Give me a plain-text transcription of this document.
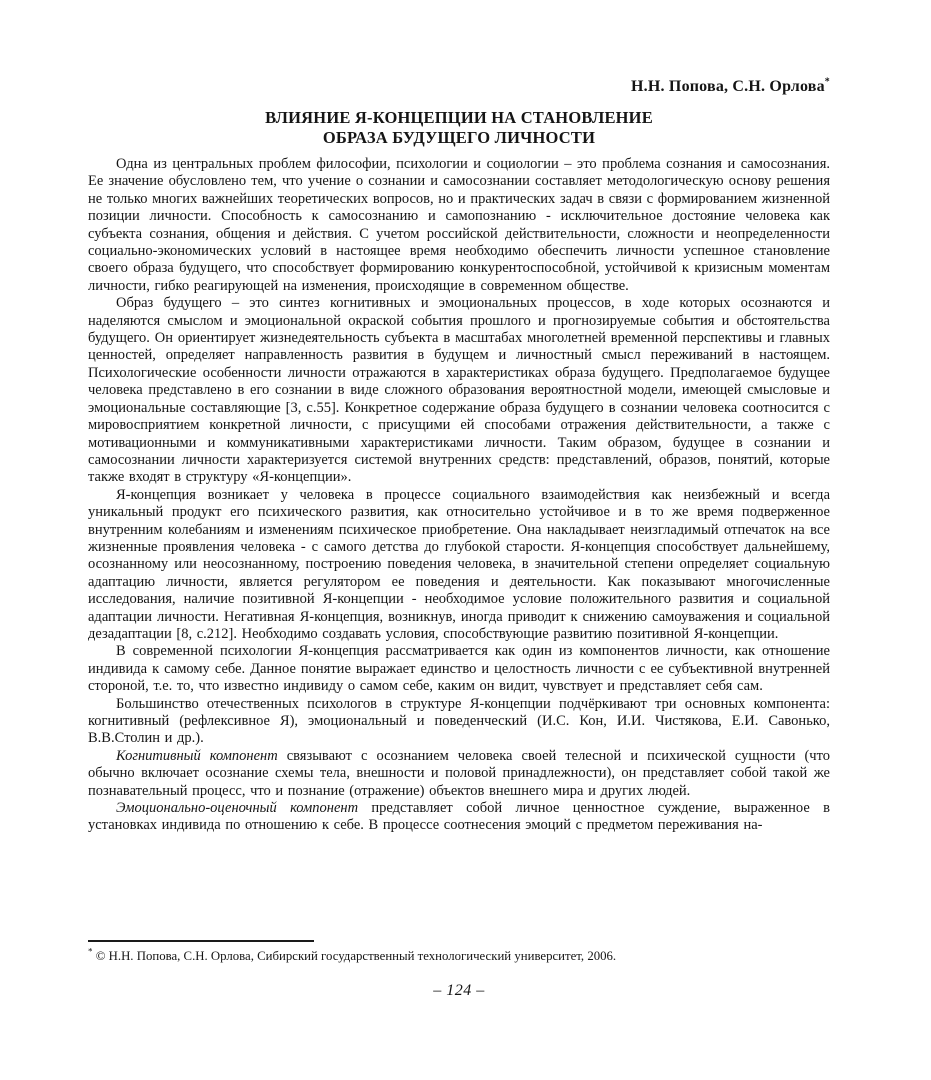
Н.Н. Попова, С.Н. Орлова*
ВЛИЯНИЕ Я-КОНЦЕПЦИИ НА СТАНОВЛЕНИЕ
ОБРАЗА БУДУЩЕГО ЛИЧНОСТИ

Одна из центральных проблем философии, психологии и социологии – это проблема сознания и самосознания. Ее значение обусловлено тем, что учение о сознании и самосознании составляет методологическую основу решения не только многих важнейших теоретических вопросов, но и практических задач в связи с формированием жизненной позиции личности. Способность к самосознанию и самопознанию - исключительное достояние человека как субъекта сознания, общения и действия. С учетом российской действительности, сложности и неопределенности социально-экономических условий в настоящее время необходимо обеспечить личности успешное становление своего образа будущего, что способствует формированию конкурентоспособной, устойчивой к кризисным моментам личности, гибко реагирующей на изменения, происходящие в современном обществе.

Образ будущего – это синтез когнитивных и эмоциональных процессов, в ходе которых осознаются и наделяются смыслом и эмоциональной окраской события прошлого и прогнозируемые события и обстоятельства будущего. Он ориентирует жизнедеятельность субъекта в масштабах многолетней временной перспективы и главных ценностей, определяет направленность развития в будущем и личностный смысл переживаний в настоящем. Психологические особенности личности отражаются в характеристиках образа будущего. Предполагаемое будущее человека представлено в его сознании в виде сложного образования вероятностной модели, имеющей смысловые и эмоциональные составляющие [3, с.55]. Конкретное содержание образа будущего в сознании человека соотносится с мировосприятием конкретной личности, с присущими ей способами отражения действительности, а также с мотивационными и коммуникативными характеристиками личности. Таким образом, будущее в сознании и самосознании личности характеризуется системой внутренних средств: представлений, образов, понятий, которые также входят в структуру «Я-концепции».

Я-концепция возникает у человека в процессе социального взаимодействия как неизбежный и всегда уникальный продукт его психического развития, как относительно устойчивое и в то же время подверженное внутренним колебаниям и изменениям психическое приобретение. Она накладывает неизгладимый отпечаток на все жизненные проявления человека - с самого детства до глубокой старости. Я-концепция способствует дальнейшему, осознанному или неосознанному, построению поведения человека, в значительной степени определяет социальную адаптацию личности, является регулятором ее поведения и деятельности. Как показывают многочисленные исследования, наличие позитивной Я-концепции - необходимое условие положительного развития и социальной адаптации личности. Негативная Я-концепция, возникнув, иногда приводит к снижению самоуважения и социальной дезадаптации [8, с.212]. Необходимо создавать условия, способствующие развитию позитивной Я-концепции.

В современной психологии Я-концепция рассматривается как один из компонентов личности, как отношение индивида к самому себе. Данное понятие выражает единство и целостность личности с ее субъективной внутренней стороной, т.е. то, что известно индивиду о самом себе, каким он видит, чувствует и представляет себя сам.

Большинство отечественных психологов в структуре Я-концепции подчёркивают три основных компонента: когнитивный (рефлексивное Я), эмоциональный и поведенческий (И.С. Кон, И.И. Чистякова, Е.И. Савонько, В.В.Столин и др.).

Когнитивный компонент связывают с осознанием человека своей телесной и психической сущности (что обычно включает осознание схемы тела, внешности и половой принадлежности), он представляет собой такой же познавательный процесс, что и познание (отражение) объектов внешнего мира и других людей.

Эмоционально-оценочный компонент представляет собой личное ценностное суждение, выраженное в установках индивида по отношению к себе. В процессе соотнесения эмоций с предметом переживания на-

* © Н.Н. Попова, С.Н. Орлова, Сибирский государственный технологический университет, 2006.

– 124 –
